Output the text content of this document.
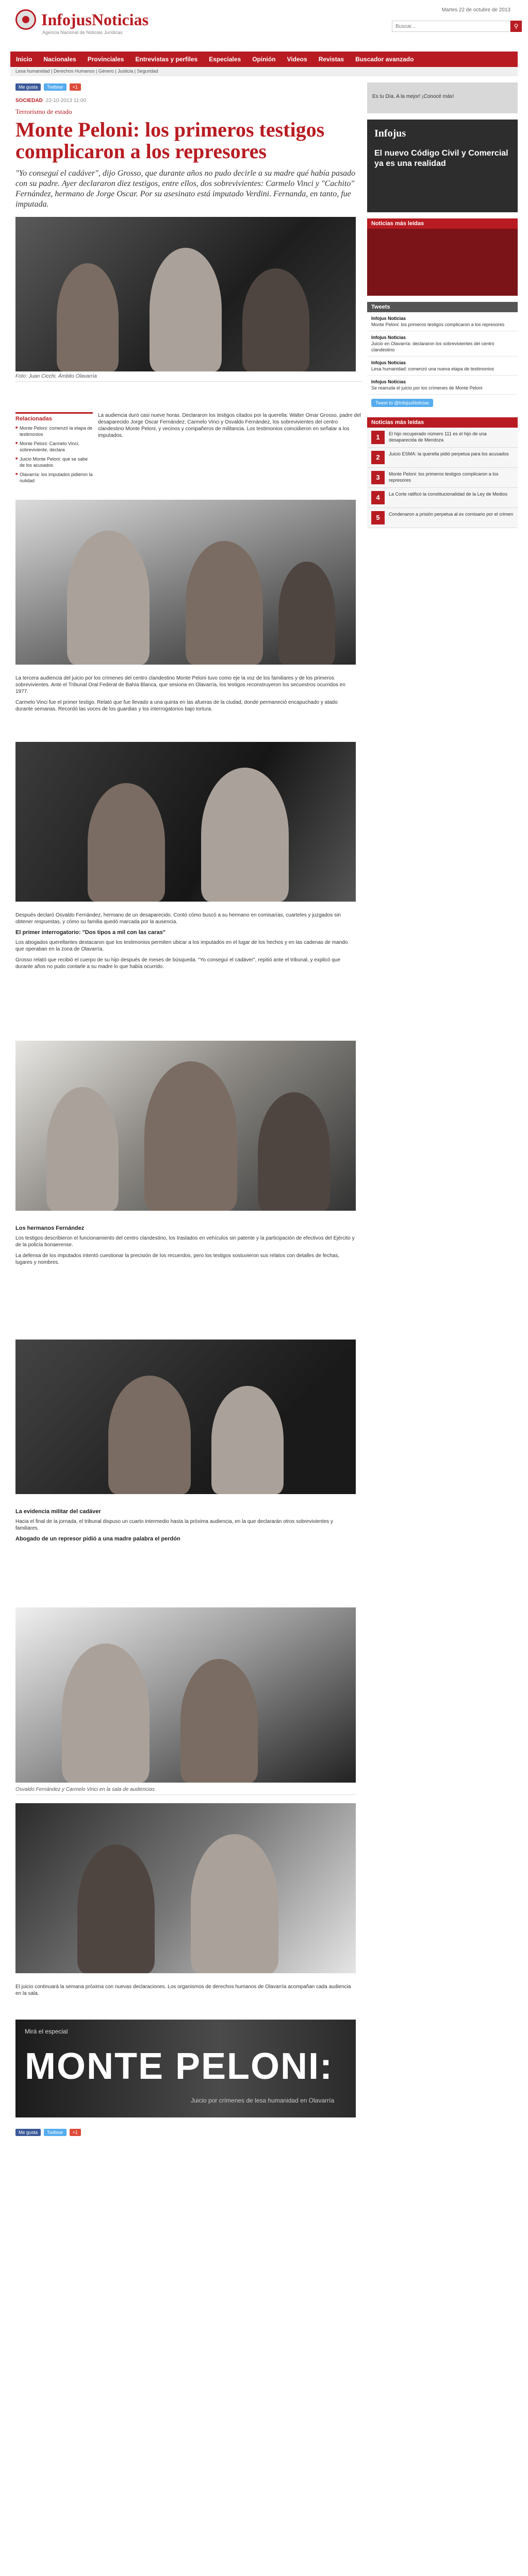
InfojusNoticias
Agencia Nacional de Noticias Jurídicas
Martes 22 de octubre de 2013
Buscar...
⚲
Inicio	Nacionales	Provinciales	Entrevistas y perfiles	Especiales	Opinión	Videos	Revistas	Buscador avanzado
Lesa humanidad | Derechos Humanos | Género | Justicia | Seguridad
Me gusta	Twittear	+1
SOCIEDAD 22-10-2013 11:00
Terrorismo de estado
Monte Peloni: los primeros testigos complicaron a los represores

"Yo conseguí el cadáver", dijo Grosso, que durante años no pudo decirle a su madre qué había pasado con su padre. Ayer declararon diez testigos, entre ellos, dos sobrevivientes: Carmelo Vinci y "Cachito" Fernández, hermano de Jorge Oscar. Por su asesinato está imputado Verdini. Fernanda, en tanto, fue imputada.

Foto: Juan Cicchi, Ámbito Olavarría
Relacionadas
■ Monte Peloni: comenzó la etapa de testimonios
■ Monte Peloni: Carmelo Vinci, sobreviviente, declara
■ Juicio Monte Peloni: qué se sabe de los acusados
■ Olavarría: los imputados pidieron la nulidad
La audiencia duró casi nueve horas. Declararon los testigos citados por la querella: Walter Omar Grosso, padre del desaparecido Jorge Oscar Fernández; Carmelo Vinci y Osvaldo Fernández, los sobrevivientes del centro clandestino Monte Peloni, y vecinos y compañeros de militancia. Los testimonios coincidieron en señalar a los imputados.

La tercera audiencia del juicio por los crímenes del centro clandestino Monte Peloni tuvo como eje la voz de los familiares y de los primeros sobrevivientes. Ante el Tribunal Oral Federal de Bahía Blanca, que sesiona en Olavarría, los testigos reconstruyeron los secuestros ocurridos en 1977.

Carmelo Vinci fue el primer testigo. Relató que fue llevado a una quinta en las afueras de la ciudad, donde permaneció encapuchado y atado durante semanas. Recordó las voces de los guardias y los interrogatorios bajo tortura.

Después declaró Osvaldo Fernández, hermano de un desaparecido. Contó cómo buscó a su hermano en comisarías, cuarteles y juzgados sin obtener respuestas, y cómo su familia quedó marcada por la ausencia.

El primer interrogatorio: "Dos tipos a mil con las caras"

Los abogados querellantes destacaron que los testimonios permiten ubicar a los imputados en el lugar de los hechos y en las cadenas de mando que operaban en la zona de Olavarría.

Grosso relató que recibió el cuerpo de su hijo después de meses de búsqueda. "Yo conseguí el cadáver", repitió ante el tribunal, y explicó que durante años no pudo contarle a su madre lo que había ocurrido.

Los hermanos Fernández

Los testigos describieron el funcionamiento del centro clandestino, los traslados en vehículos sin patente y la participación de efectivos del Ejército y de la policía bonaerense.

La defensa de los imputados intentó cuestionar la precisión de los recuerdos, pero los testigos sostuvieron sus relatos con detalles de fechas, lugares y nombres.

La evidencia militar del cadáver

Hacia el final de la jornada, el tribunal dispuso un cuarto intermedio hasta la próxima audiencia, en la que declararán otros sobrevivientes y familiares.

Abogado de un represor pidió a una madre palabra el perdón
Osvaldo Fernández y Carmelo Vinci en la sala de audiencias

El juicio continuará la semana próxima con nuevas declaraciones. Los organismos de derechos humanos de Olavarría acompañan cada audiencia en la sala.

Mirá el especial
MONTE PELONI:
Juicio por crímenes de lesa humanidad en Olavarría
Me gusta	Twittear	+1
Es tu Día. A la mejor! ¡Conocé más!
Infojus
El nuevo Código Civil y Comercial ya es una realidad
Noticias más leídas
Tweets
Infojus Noticias
Monte Peloni: los primeros testigos complicaron a los represores
Infojus Noticias
Juicio en Olavarría: declararon los sobrevivientes del centro clandestino
Infojus Noticias
Lesa humanidad: comenzó una nueva etapa de testimonios
Infojus Noticias
Se reanuda el juicio por los crímenes de Monte Peloni
Tweet to @InfojusNoticias
Noticias más leídas
1	El hijo recuperado número 111 es el hijo de una desaparecida de Mendoza
2	Juicio ESMA: la querella pidió perpetua para los acusados
3	Monte Peloni: los primeros testigos complicaron a los represores
4	La Corte ratificó la constitucionalidad de la Ley de Medios
5	Condenaron a prisión perpetua al ex comisario por el crimen
